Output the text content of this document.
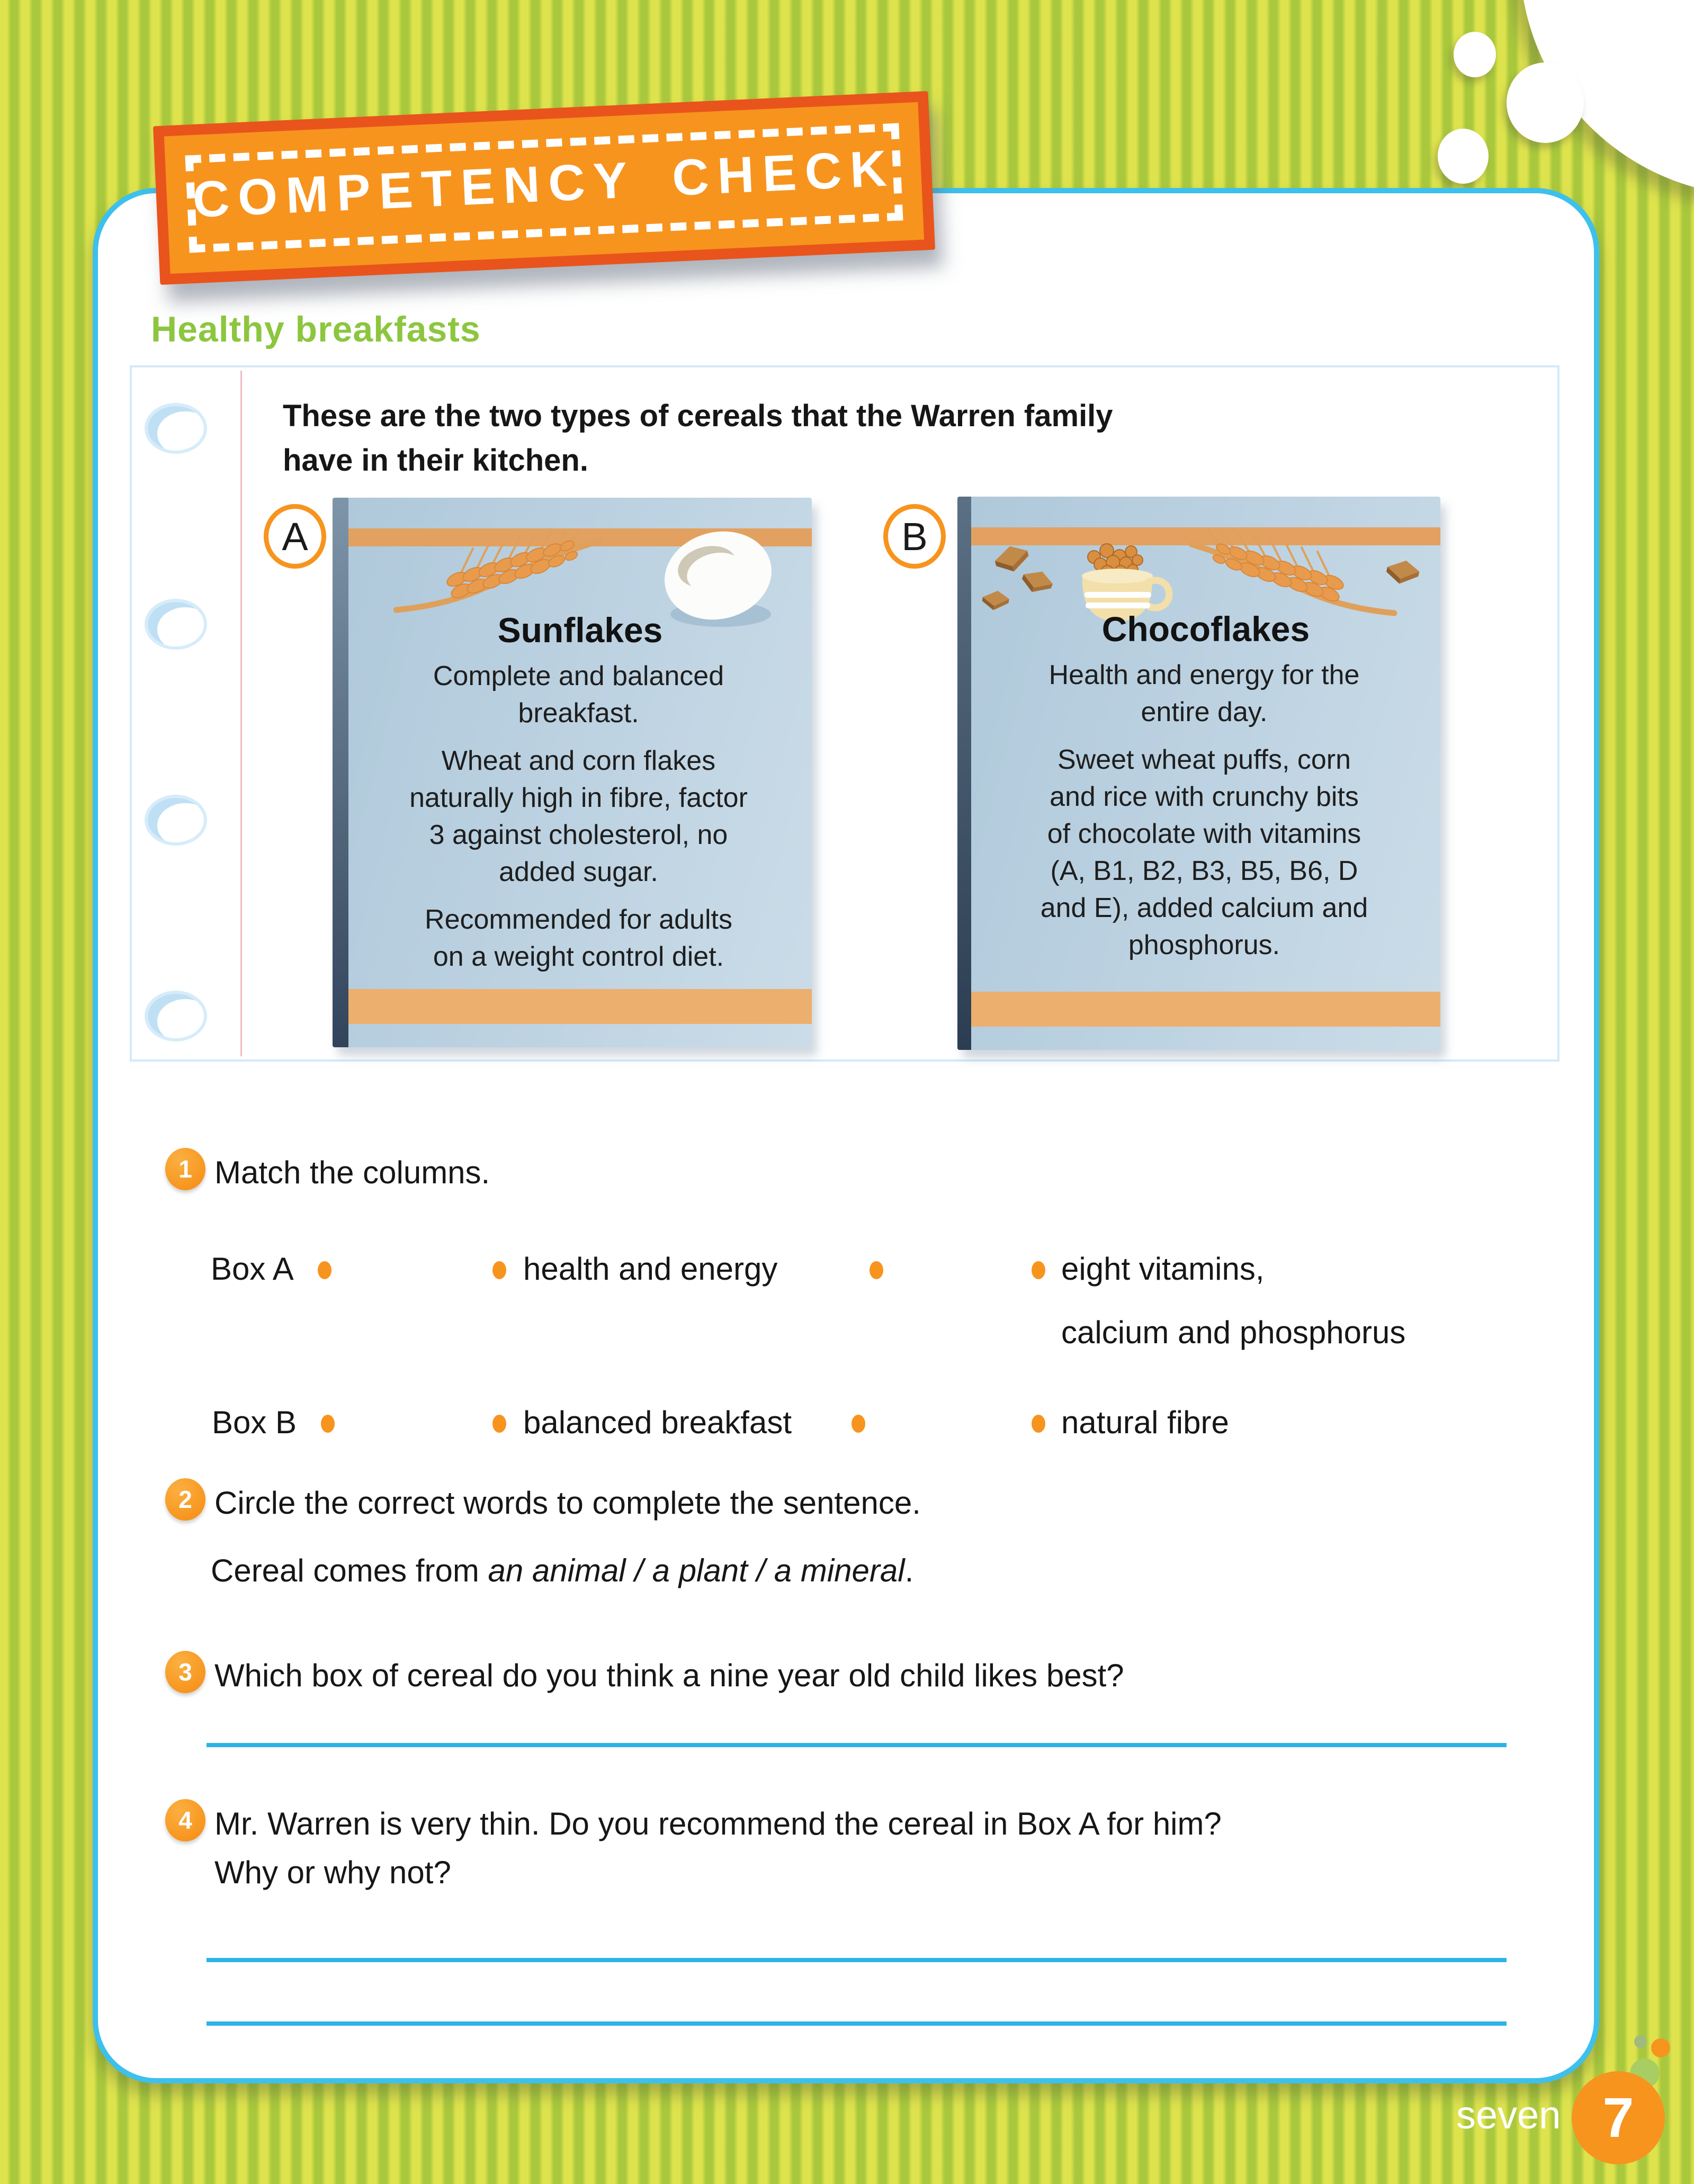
COMPETENCY CHECK
Healthy breakfasts
These are the two types of cereals that the Warren family
have in their kitchen.
A	B
Sunflakes
Complete and balanced
breakfast.
Wheat and corn flakes
naturally high in fibre, factor
3 against cholesterol, no
added sugar.
Recommended for adults
on a weight control diet.
Chocoflakes
Health and energy for the
entire day.
Sweet wheat puffs, corn
and rice with crunchy bits
of chocolate with vitamins
(A, B1, B2, B3, B5, B6, D
and E), added calcium and
phosphorus.
1 Match the columns.
Box A	health and energy	eight vitamins,
calcium and phosphorus
Box B	balanced breakfast	natural fibre
2 Circle the correct words to complete the sentence.
Cereal comes from an animal / a plant / a mineral.
3 Which box of cereal do you think a nine year old child likes best?
4 Mr. Warren is very thin. Do you recommend the cereal in Box A for him?
Why or why not?
seven 7
